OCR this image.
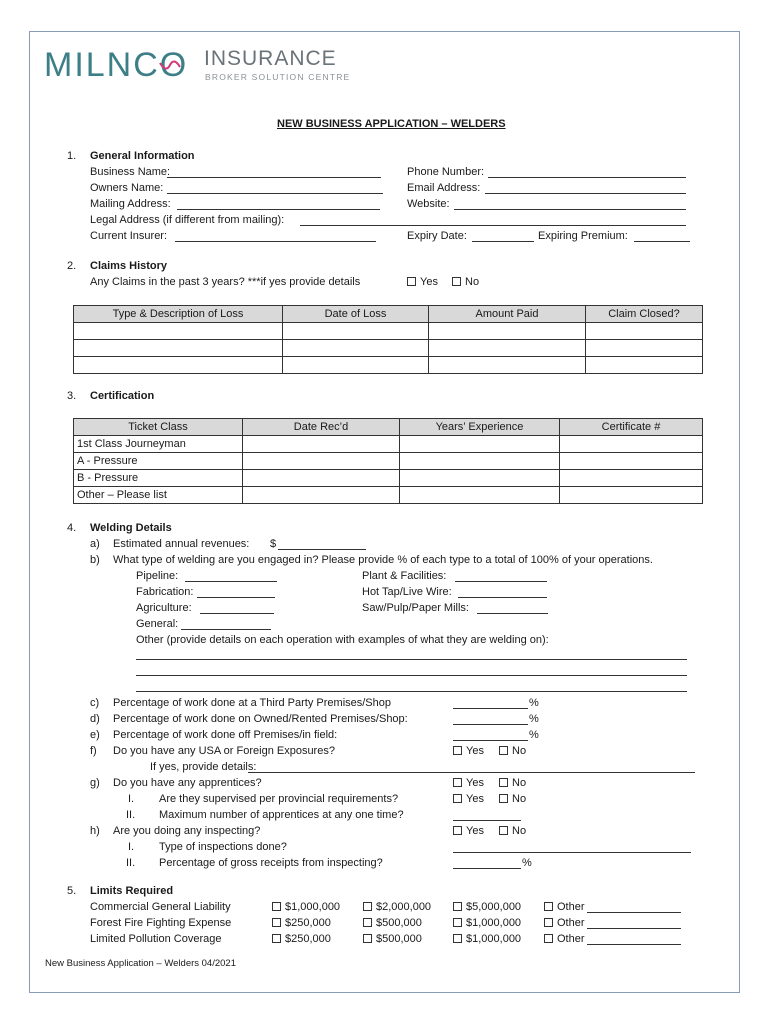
MILNCO INSURANCE
BROKER SOLUTION CENTRE
NEW BUSINESS APPLICATION – WELDERS
1. General Information
Business Name:	Phone Number:
Owners Name:	Email Address:
Mailing Address:	Website:
Legal Address (if different from mailing):
Current Insurer:	Expiry Date:	Expiring Premium:
2. Claims History
Any Claims in the past 3 years? ***if yes provide details	Yes	No
Type & Description of Loss	Date of Loss	Amount Paid	Claim Closed?

3. Certification
Ticket Class	Date Rec’d	Years’ Experience	Certificate #
1st Class Journeyman			
A - Pressure			
B - Pressure			
Other – Please list			
4. Welding Details
a) Estimated annual revenues: $
b) What type of welding are you engaged in? Please provide % of each type to a total of 100% of your operations.
Pipeline:	Plant & Facilities:
Fabrication:	Hot Tap/Live Wire:
Agriculture:	Saw/Pulp/Paper Mills:
General:
Other (provide details on each operation with examples of what they are welding on):
c) Percentage of work done at a Third Party Premises/Shop	%
d) Percentage of work done on Owned/Rented Premises/Shop:	%
e) Percentage of work done off Premises/in field:	%
f) Do you have any USA or Foreign Exposures?	Yes	No
If yes, provide details:
g) Do you have any apprentices?	Yes	No
I. Are they supervised per provincial requirements?	Yes	No
II. Maximum number of apprentices at any one time?
h) Are you doing any inspecting?	Yes	No
I. Type of inspections done?
II. Percentage of gross receipts from inspecting?	%
5. Limits Required
Commercial General Liability	$1,000,000	$2,000,000	$5,000,000	Other
Forest Fire Fighting Expense	$250,000	$500,000	$1,000,000	Other
Limited Pollution Coverage	$250,000	$500,000	$1,000,000	Other
New Business Application – Welders 04/2021
